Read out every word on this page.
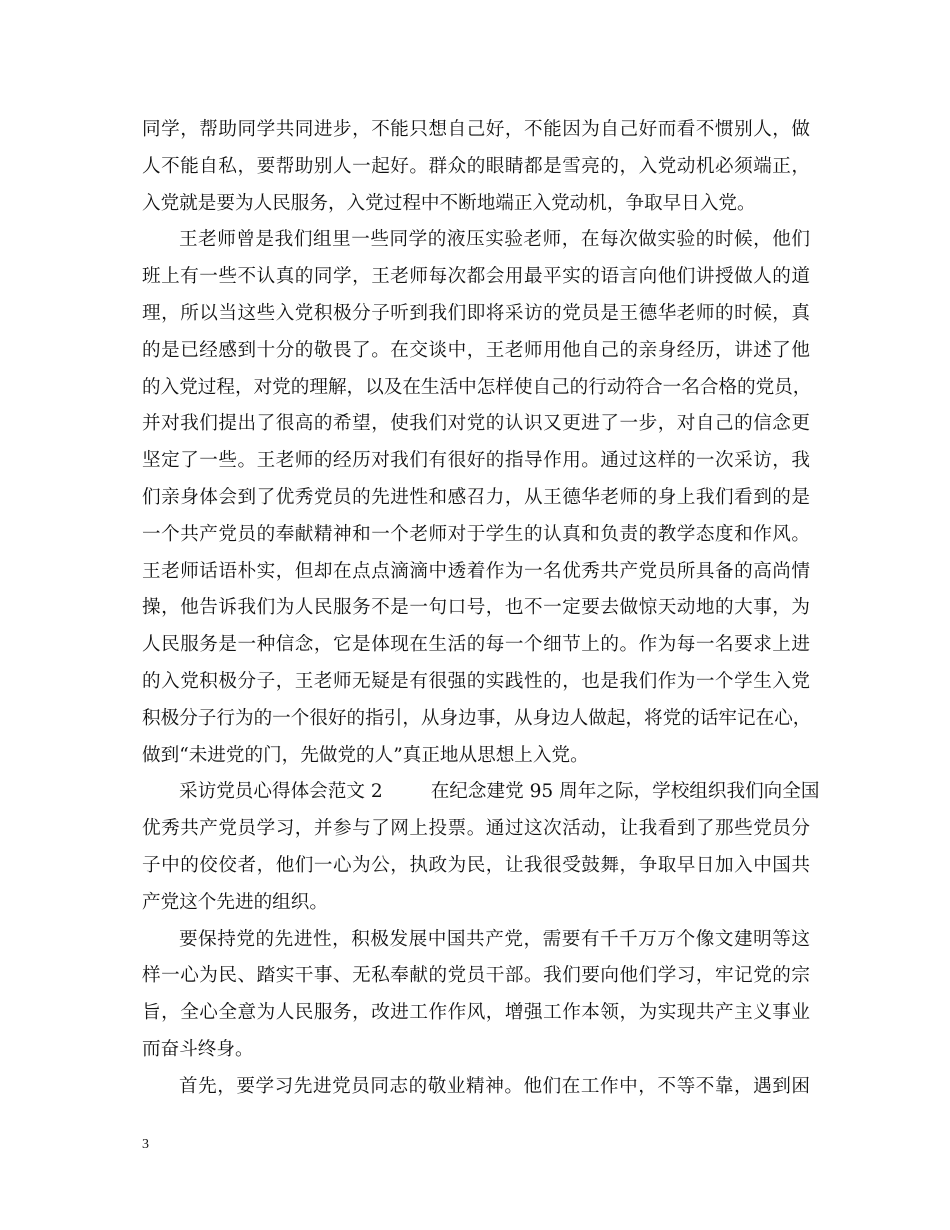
同学，帮助同学共同进步，不能只想自己好，不能因为自己好而看不惯别人，做
人不能自私，要帮助别人一起好。群众的眼睛都是雪亮的，入党动机必须端正，
入党就是要为人民服务，入党过程中不断地端正入党动机，争取早日入党。
王老师曾是我们组里一些同学的液压实验老师，在每次做实验的时候，他们
班上有一些不认真的同学，王老师每次都会用最平实的语言向他们讲授做人的道
理，所以当这些入党积极分子听到我们即将采访的党员是王德华老师的时候，真
的是已经感到十分的敬畏了。在交谈中，王老师用他自己的亲身经历，讲述了他
的入党过程，对党的理解，以及在生活中怎样使自己的行动符合一名合格的党员，
并对我们提出了很高的希望，使我们对党的认识又更进了一步，对自己的信念更
坚定了一些。王老师的经历对我们有很好的指导作用。通过这样的一次采访，我
们亲身体会到了优秀党员的先进性和感召力，从王德华老师的身上我们看到的是
一个共产党员的奉献精神和一个老师对于学生的认真和负责的教学态度和作风。
王老师话语朴实，但却在点点滴滴中透着作为一名优秀共产党员所具备的高尚情
操，他告诉我们为人民服务不是一句口号，也不一定要去做惊天动地的大事，为
人民服务是一种信念，它是体现在生活的每一个细节上的。作为每一名要求上进
的入党积极分子，王老师无疑是有很强的实践性的，也是我们作为一个学生入党
积极分子行为的一个很好的指引，从身边事，从身边人做起，将党的话牢记在心，
做到“未进党的门，先做党的人”真正地从思想上入党。
采访党员心得体会范文 2	在纪念建党 95 周年之际，学校组织我们向全国
优秀共产党员学习，并参与了网上投票。通过这次活动，让我看到了那些党员分
子中的佼佼者，他们一心为公，执政为民，让我很受鼓舞，争取早日加入中国共
产党这个先进的组织。
要保持党的先进性，积极发展中国共产党，需要有千千万万个像文建明等这
样一心为民、踏实干事、无私奉献的党员干部。我们要向他们学习，牢记党的宗
旨，全心全意为人民服务，改进工作作风，增强工作本领，为实现共产主义事业
而奋斗终身。
首先，要学习先进党员同志的敬业精神。他们在工作中，不等不靠，遇到困
3
